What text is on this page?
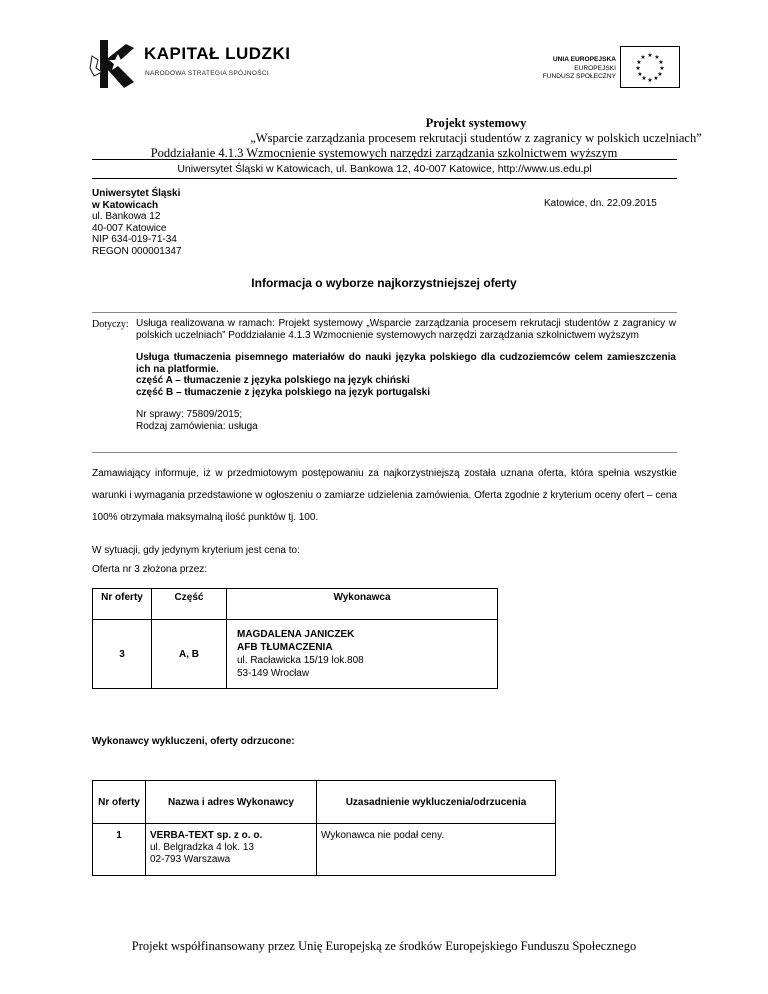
KAPITAŁ LUDZKI
NARODOWA STRATEGIA SPÓJNOŚCI
UNIA EUROPEJSKA
EUROPEJSKI
FUNDUSZ SPOŁECZNY
★ ★
★
★
★
★
★
★
★
★
★
★
Projekt systemowy
„Wsparcie zarządzania procesem rekrutacji studentów z zagranicy w polskich uczelniach”
Poddziałanie 4.1.3 Wzmocnienie systemowych narzędzi zarządzania szkolnictwem wyższym
Uniwersytet Śląski w Katowicach, ul. Bankowa 12, 40-007 Katowice, http://www.us.edu.pl
Uniwersytet Śląski
w Katowicach
ul. Bankowa 12
40-007 Katowice
NIP 634-019-71-34
REGON 000001347
Katowice, dn. 22.09.2015
Informacja o wyborze najkorzystniejszej oferty
Dotyczy: Usługa realizowana w ramach: Projekt systemowy „Wsparcie zarządzania procesem rekrutacji studentów z zagranicy w polskich uczelniach” Poddziałanie 4.1.3 Wzmocnienie systemowych narzędzi zarządzania szkolnictwem wyższym

Usługa tłumaczenia pisemnego materiałów do nauki języka polskiego dla cudzoziemców celem zamieszczenia ich na platformie.

część A – tłumaczenie z języka polskiego na język chiński

część B – tłumaczenie z języka polskiego na język portugalski

Nr sprawy: 75809/2015;

Rodzaj zamówienia: usługa

Zamawiający informuje, iż w przedmiotowym postępowaniu za najkorzystniejszą została uznana oferta, która spełnia wszystkie warunki i wymagania przedstawione w ogłoszeniu o zamiarze udzielenia zamówienia. Oferta zgodnie z kryterium oceny ofert – cena 100% otrzymała maksymalną ilość punktów tj. 100.
W sytuacji, gdy jedynym kryterium jest cena to:
Oferta nr 3 złożona przez:
Nr oferty	Część	Wykonawca
3	A, B	MAGDALENA JANICZEK
AFB TŁUMACZENIA
ul. Racławicka 15/19 lok.808
53-149 Wrocław
Wykonawcy wykluczeni, oferty odrzucone:
Nr oferty	Nazwa i adres Wykonawcy	Uzasadnienie wykluczenia/odrzucenia
1	VERBA-TEXT sp. z o. o.
ul. Belgradzka 4 lok. 13
02-793 Warszawa	Wykonawca nie podał ceny.
Projekt współfinansowany przez Unię Europejską ze środków Europejskiego Funduszu Społecznego
